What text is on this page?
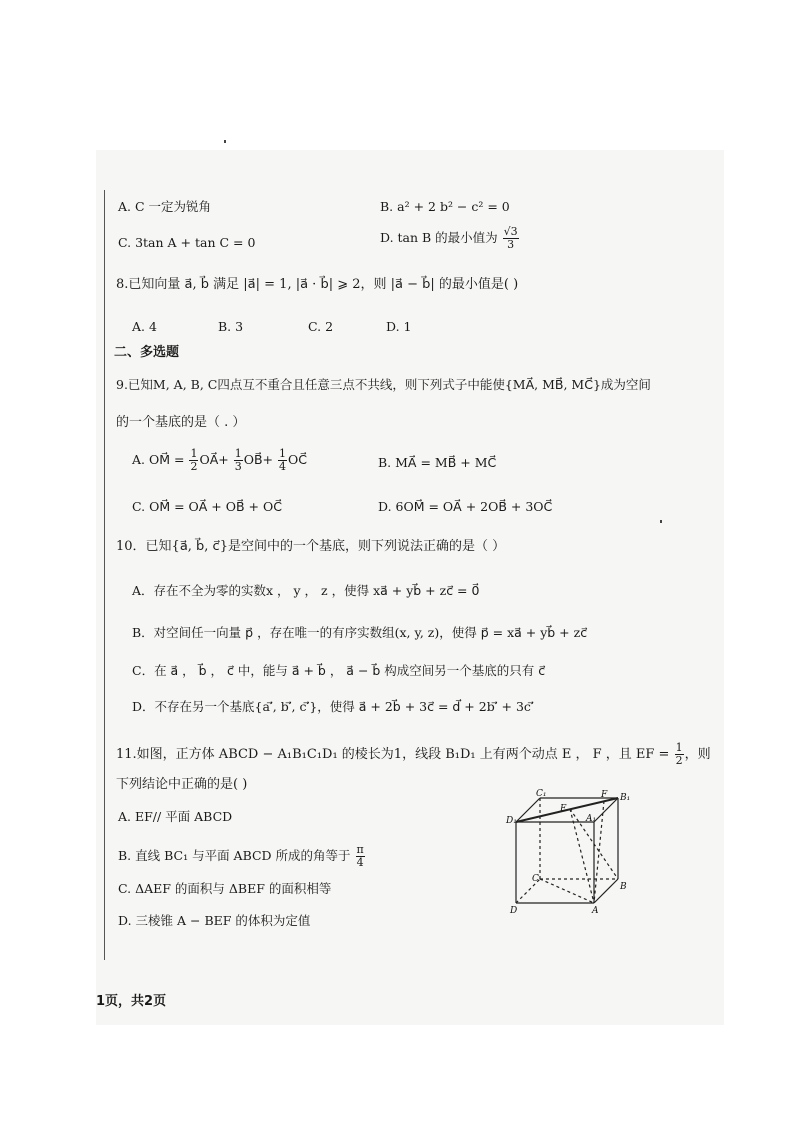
A. C 一定为锐角	B. a² + 2 b² − c² = 0
C. 3tan A + tan C = 0	D. tan B 的最小值为 $\frac{√3}{3}$
8.已知向量 a⃗, b⃗ 满足 |a⃗| = 1, |a⃗ · b⃗| ⩾ 2，则 |a⃗ − b⃗| 的最小值是( )
A. 4	B. 3	C. 2	D. 1
二、多选题
9.已知M, A, B, C四点互不重合且任意三点不共线，则下列式子中能使{MA⃗, MB⃗, MC⃗}成为空间
的一个基底的是（ . ）
A. OM⃗ = $\frac{1}{2}$ OA⃗+ $\frac{1}{3}$ OB⃗+ $\frac{1}{4}$ OC⃗	B. MA⃗ = MB⃗ + MC⃗
C. OM⃗ = OA⃗ + OB⃗ + OC⃗	D. 6OM⃗ = OA⃗ + 2OB⃗ + 3OC⃗
10．已知{a⃗, b⃗, c⃗}是空间中的一个基底，则下列说法正确的是（ ）
A．存在不全为零的实数x ， y ， z ，使得 xa⃗ + yb⃗ + zc⃗ = 0⃗
B．对空间任一向量 p⃗ ，存在唯一的有序实数组(x, y, z)，使得 p⃗ = xa⃗ + yb⃗ + zc⃗
C．在 a⃗ ， b⃗ ， c⃗ 中，能与 a⃗ + b⃗ ， a⃗ − b⃗ 构成空间另一个基底的只有 c⃗
D．不存在另一个基底{a′⃗, b′⃗, c′⃗}，使得 a⃗ + 2b⃗ + 3c⃗ = d⃗ + 2b′⃗ + 3c′⃗
11.如图，正方体 ABCD − A₁B₁C₁D₁ 的棱长为1，线段 B₁D₁ 上有两个动点 E ， F ，且 EF = $\frac{1}{2}$ ，则
下列结论中正确的是( )
A. EF// 平面 ABCD
B. 直线 BC₁ 与平面 ABCD 所成的角等于 $\frac{\pi}{4}$
C. ΔAEF 的面积与 ΔBEF 的面积相等
D. 三棱锥 A − BEF 的体积为定值
C₁
D₁
E
F B₁
A₁
C
B
D	A
1页，共2页
